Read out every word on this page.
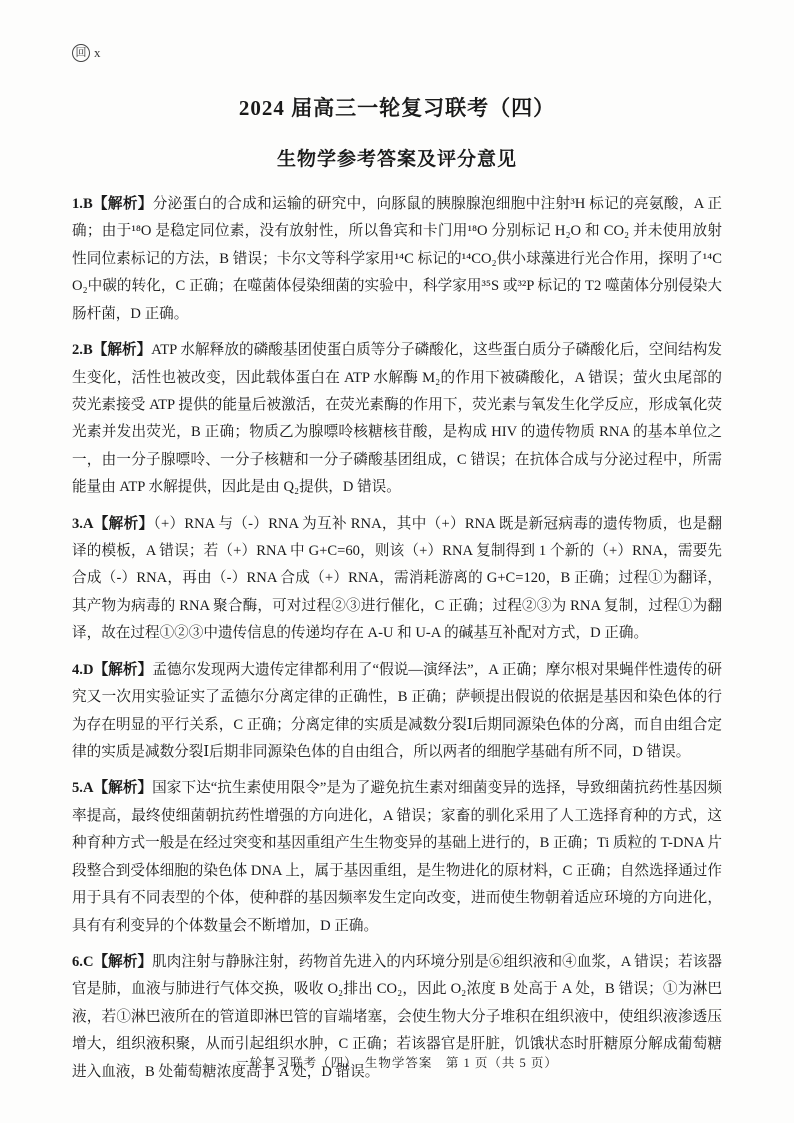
回 x
2024 届高三一轮复习联考（四）
生物学参考答案及评分意见

1.B【解析】分泌蛋白的合成和运输的研究中，向豚鼠的胰腺腺泡细胞中注射³H 标记的亮氨酸，A 正确；由于¹⁸O 是稳定同位素，没有放射性，所以鲁宾和卡门用¹⁸O 分别标记 H₂O 和 CO₂ 并未使用放射性同位素标记的方法，B 错误；卡尔文等科学家用¹⁴C 标记的¹⁴CO₂供小球藻进行光合作用，探明了¹⁴CO₂中碳的转化，C 正确；在噬菌体侵染细菌的实验中，科学家用³⁵S 或³²P 标记的 T2 噬菌体分别侵染大肠杆菌，D 正确。

2.B【解析】ATP 水解释放的磷酸基团使蛋白质等分子磷酸化，这些蛋白质分子磷酸化后，空间结构发生变化，活性也被改变，因此载体蛋白在 ATP 水解酶 M₂的作用下被磷酸化，A 错误；萤火虫尾部的荧光素接受 ATP 提供的能量后被激活，在荧光素酶的作用下，荧光素与氧发生化学反应，形成氧化荧光素并发出荧光，B 正确；物质乙为腺嘌呤核糖核苷酸，是构成 HIV 的遗传物质 RNA 的基本单位之一，由一分子腺嘌呤、一分子核糖和一分子磷酸基团组成，C 错误；在抗体合成与分泌过程中，所需能量由 ATP 水解提供，因此是由 Q₂提供，D 错误。

3.A【解析】（+）RNA 与（-）RNA 为互补 RNA，其中（+）RNA 既是新冠病毒的遗传物质，也是翻译的模板，A 错误；若（+）RNA 中 G+C=60，则该（+）RNA 复制得到 1 个新的（+）RNA，需要先合成（-）RNA，再由（-）RNA 合成（+）RNA，需消耗游离的 G+C=120，B 正确；过程①为翻译，其产物为病毒的 RNA 聚合酶，可对过程②③进行催化，C 正确；过程②③为 RNA 复制，过程①为翻译，故在过程①②③中遗传信息的传递均存在 A-U 和 U-A 的碱基互补配对方式，D 正确。

4.D【解析】孟德尔发现两大遗传定律都利用了“假说—演绎法”，A 正确；摩尔根对果蝇伴性遗传的研究又一次用实验证实了孟德尔分离定律的正确性，B 正确；萨顿提出假说的依据是基因和染色体的行为存在明显的平行关系，C 正确；分离定律的实质是减数分裂Ⅰ后期同源染色体的分离，而自由组合定律的实质是减数分裂Ⅰ后期非同源染色体的自由组合，所以两者的细胞学基础有所不同，D 错误。

5.A【解析】国家下达“抗生素使用限令”是为了避免抗生素对细菌变异的选择，导致细菌抗药性基因频率提高，最终使细菌朝抗药性增强的方向进化，A 错误；家畜的驯化采用了人工选择育种的方式，这种育种方式一般是在经过突变和基因重组产生生物变异的基础上进行的，B 正确；Ti 质粒的 T-DNA 片段整合到受体细胞的染色体 DNA 上，属于基因重组，是生物进化的原材料，C 正确；自然选择通过作用于具有不同表型的个体，使种群的基因频率发生定向改变，进而使生物朝着适应环境的方向进化，具有有利变异的个体数量会不断增加，D 正确。

6.C【解析】肌肉注射与静脉注射，药物首先进入的内环境分别是⑥组织液和④血浆，A 错误；若该器官是肺，血液与肺进行气体交换，吸收 O₂排出 CO₂，因此 O₂浓度 B 处高于 A 处，B 错误；①为淋巴液，若①淋巴液所在的管道即淋巴管的盲端堵塞，会使生物大分子堆积在组织液中，使组织液渗透压增大，组织液积聚，从而引起组织水肿，C 正确；若该器官是肝脏，饥饿状态时肝糖原分解成葡萄糖进入血液，B 处葡萄糖浓度高于 A 处，D 错误。

一轮复习联考（四）　生物学答案　第 1 页（共 5 页）
